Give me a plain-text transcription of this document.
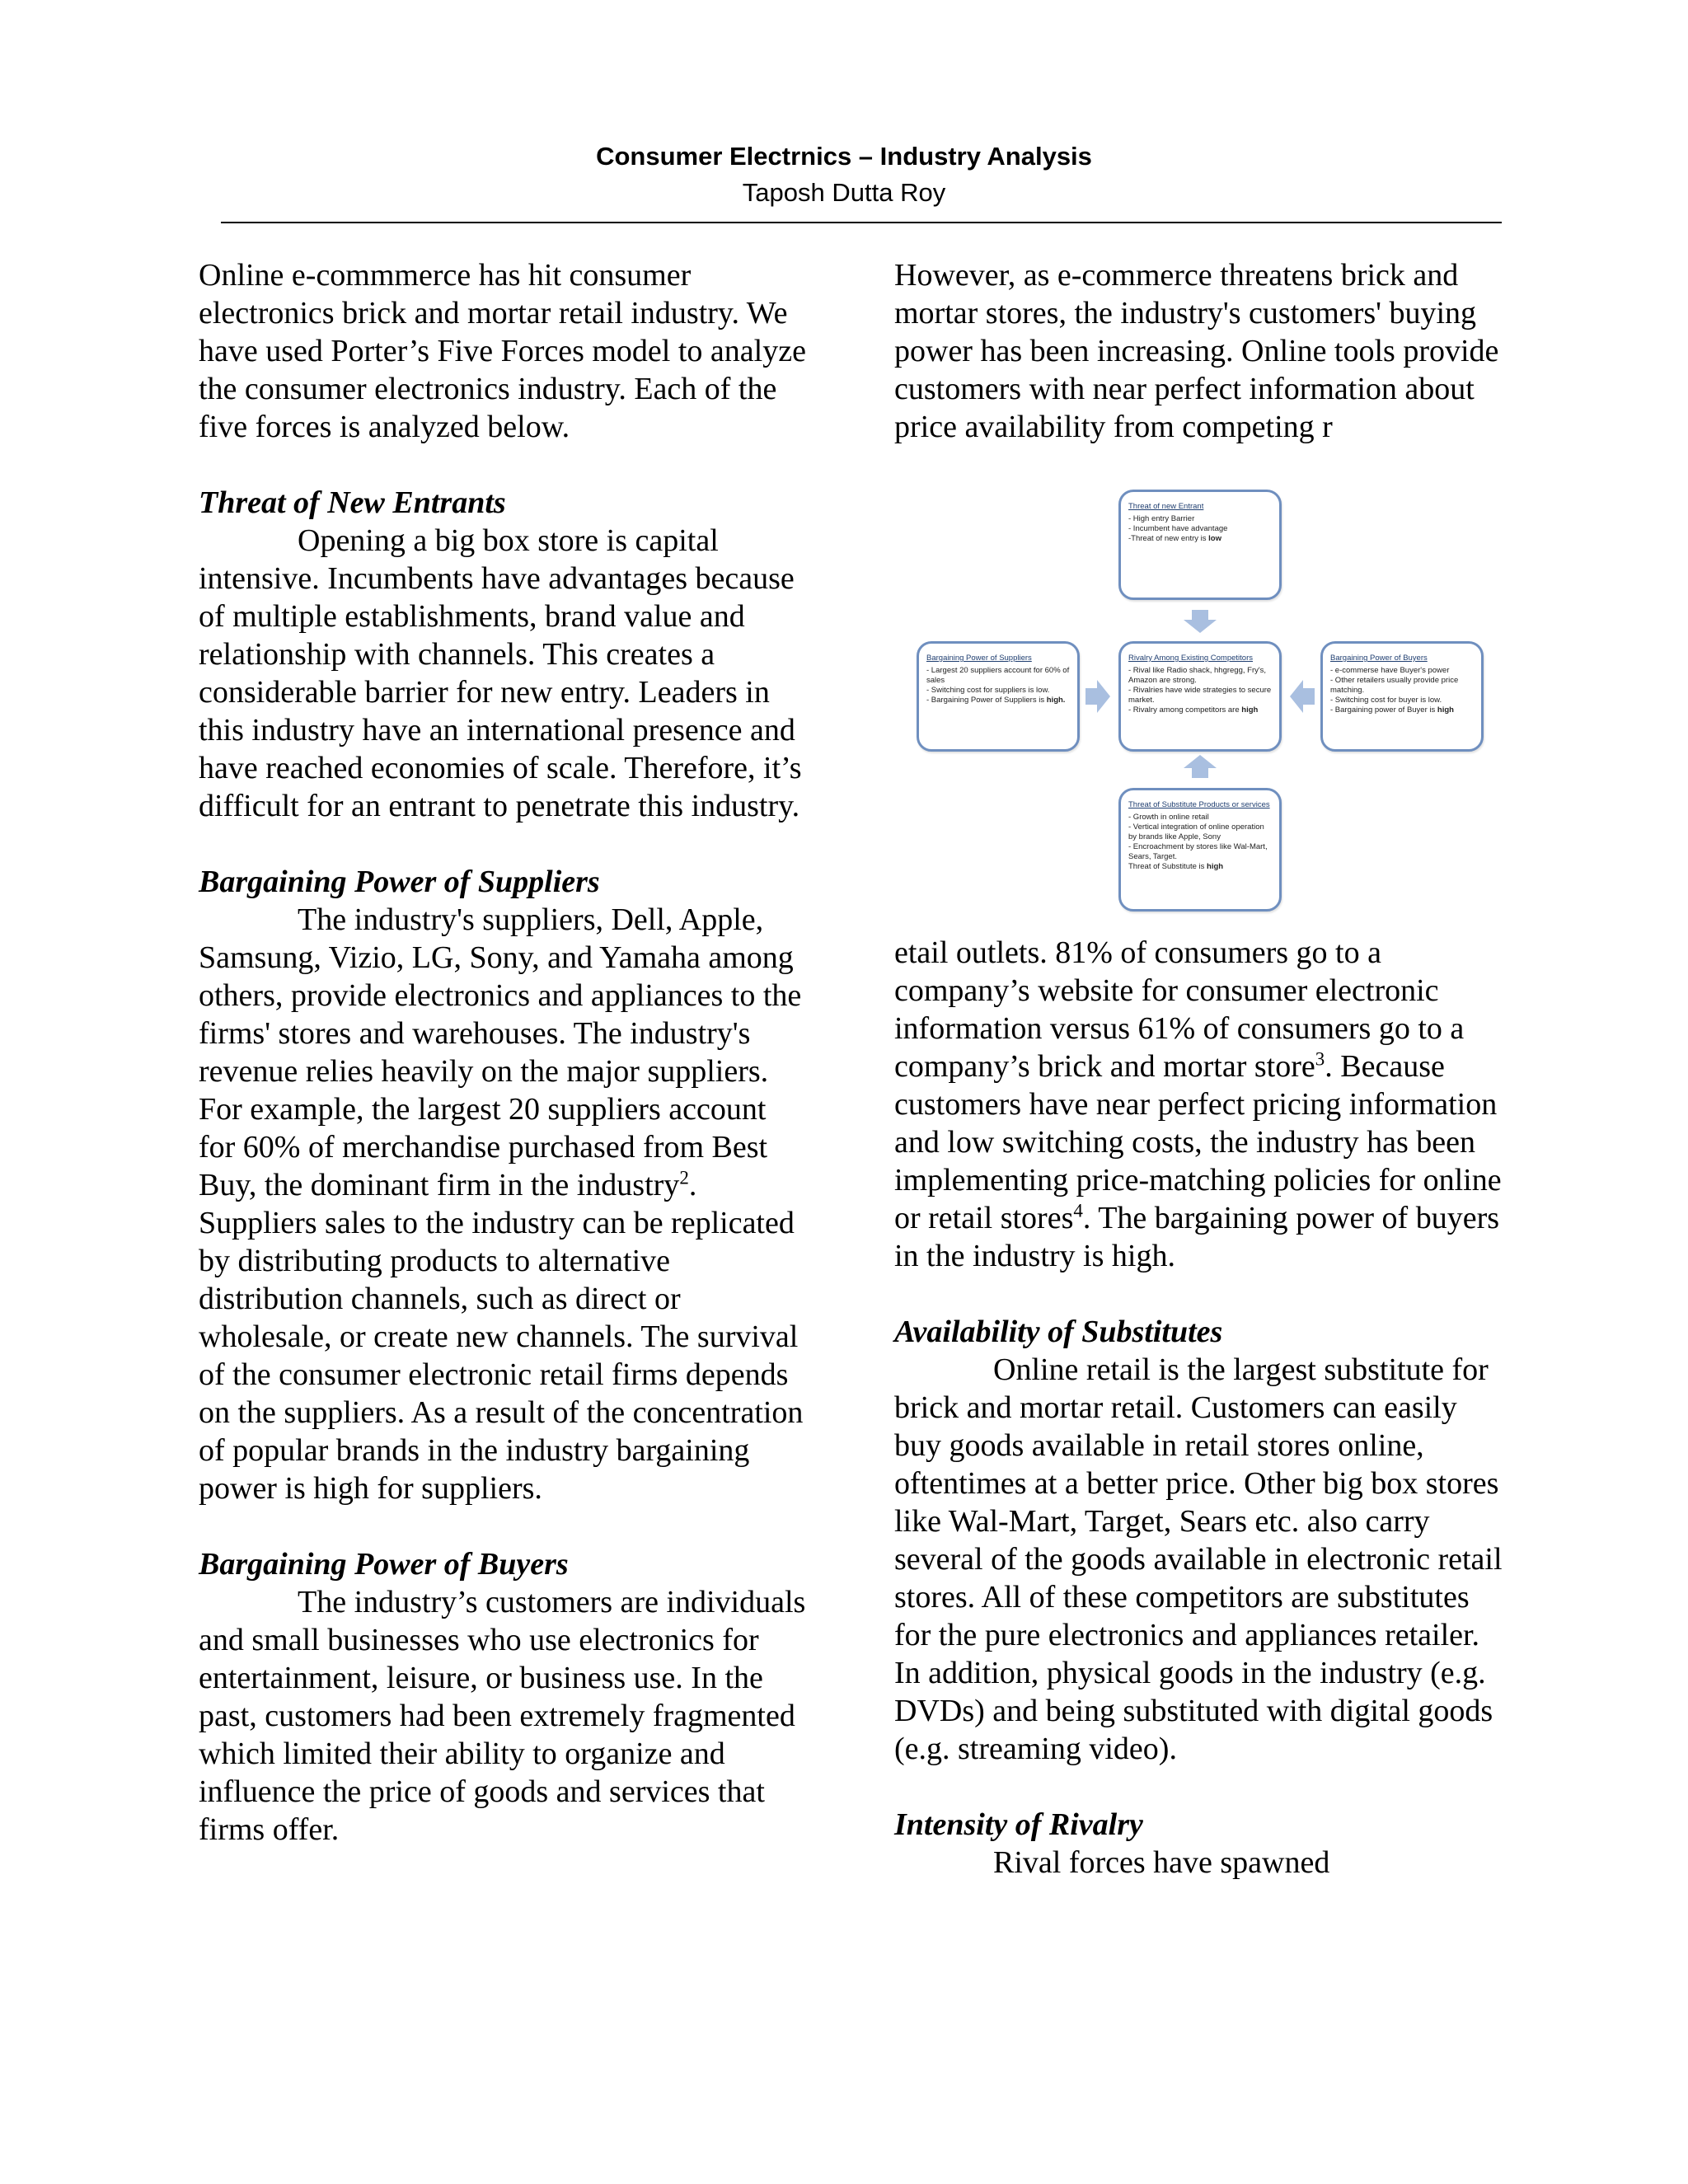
Consumer Electrnics – Industry Analysis
Taposh Dutta Roy

Online e-commmerce has hit consumer electronics brick and mortar retail industry. We have used Porter’s Five Forces model to analyze the consumer electronics industry. Each of the five forces is analyzed below.

Threat of New Entrants

Opening a big box store is capital intensive. Incumbents have advantages because of multiple establishments, brand value and relationship with channels. This creates a considerable barrier for new entry. Leaders in this industry have an international presence and have reached economies of scale. Therefore, it’s difficult for an entrant to penetrate this industry.

Bargaining Power of Suppliers

The industry's suppliers, Dell, Apple, Samsung, Vizio, LG, Sony, and Yamaha among others, provide electronics and appliances to the firms' stores and warehouses. The industry's revenue relies heavily on the major suppliers. For example, the largest 20 suppliers account for 60% of merchandise purchased from Best Buy, the dominant firm in the industry$^2$. Suppliers sales to the industry can be replicated by distributing products to alternative distribution channels, such as direct or wholesale, or create new channels. The survival of the consumer electronic retail firms depends on the suppliers. As a result of the concentration of popular brands in the industry bargaining power is high for suppliers.

Bargaining Power of Buyers

The industry’s customers are individuals and small businesses who use electronics for entertainment, leisure, or business use. In the past, customers had been extremely fragmented which limited their ability to organize and influence the price of goods and services that firms offer.

However, as e-commerce threatens brick and mortar stores, the industry's customers' buying power has been increasing. Online tools provide customers with near perfect information about price availability from competing r

Threat of new Entrant
- High entry Barrier
- Incumbent have advantage
-Threat of new entry is low
Bargaining Power of Suppliers
- Largest 20 suppliers account for 60% of sales
- Switching cost for suppliers is low.
- Bargaining Power of Suppliers is high.
Rivalry Among Existing Competitors
- Rival like Radio shack, hhgregg, Fry's, Amazon are strong.
- Rivalries have wide strategies to secure market.
- Rivalry among competitors are high
Bargaining Power of Buyers
- e-commerse have Buyer's power
- Other retailers usually provide price matching.
- Switching cost for buyer is low.
- Bargaining power of Buyer is high
Threat of Substitute Products or services
- Growth in online retail
- Vertical integration of online operation by brands like Apple, Sony
- Encroachment by stores like Wal-Mart, Sears, Target.
Threat of Substitute is high

etail outlets. 81% of consumers go to a company’s website for consumer electronic information versus 61% of consumers go to a company’s brick and mortar store$^3$. Because customers have near perfect pricing information and low switching costs, the industry has been implementing price-matching policies for online or retail stores$^4$. The bargaining power of buyers in the industry is high.

Availability of Substitutes

Online retail is the largest substitute for brick and mortar retail. Customers can easily buy goods available in retail stores online, oftentimes at a better price. Other big box stores like Wal-Mart, Target, Sears etc. also carry several of the goods available in electronic retail stores. All of these competitors are substitutes for the pure electronics and appliances retailer. In addition, physical goods in the industry (e.g. DVDs) and being substituted with digital goods (e.g. streaming video).

Intensity of Rivalry

Rival forces have spawned
